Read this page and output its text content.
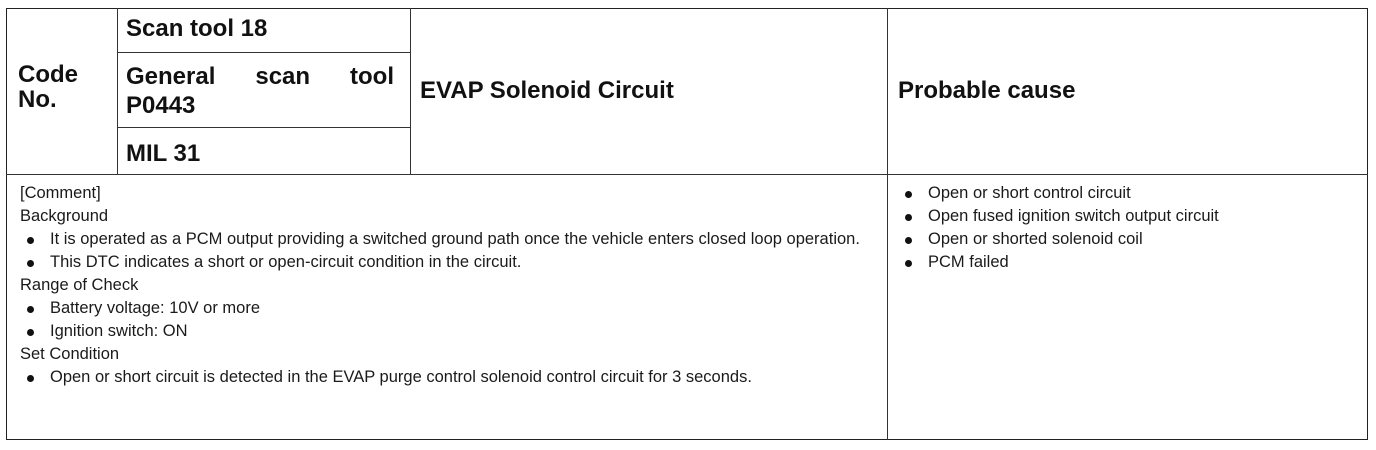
Code No.
Scan tool 18
General scan tool
P0443
MIL 31
EVAP Solenoid Circuit	Probable cause
[Comment]
Background
It is operated as a PCM output providing a switched ground path once the vehicle enters closed loop operation.
This DTC indicates a short or open-circuit condition in the circuit.
Range of Check
Battery voltage: 10V or more
Ignition switch: ON
Set Condition
Open or short circuit is detected in the EVAP purge control solenoid control circuit for 3 seconds.
Open or short control circuit
Open fused ignition switch output circuit
Open or shorted solenoid coil
PCM failed
